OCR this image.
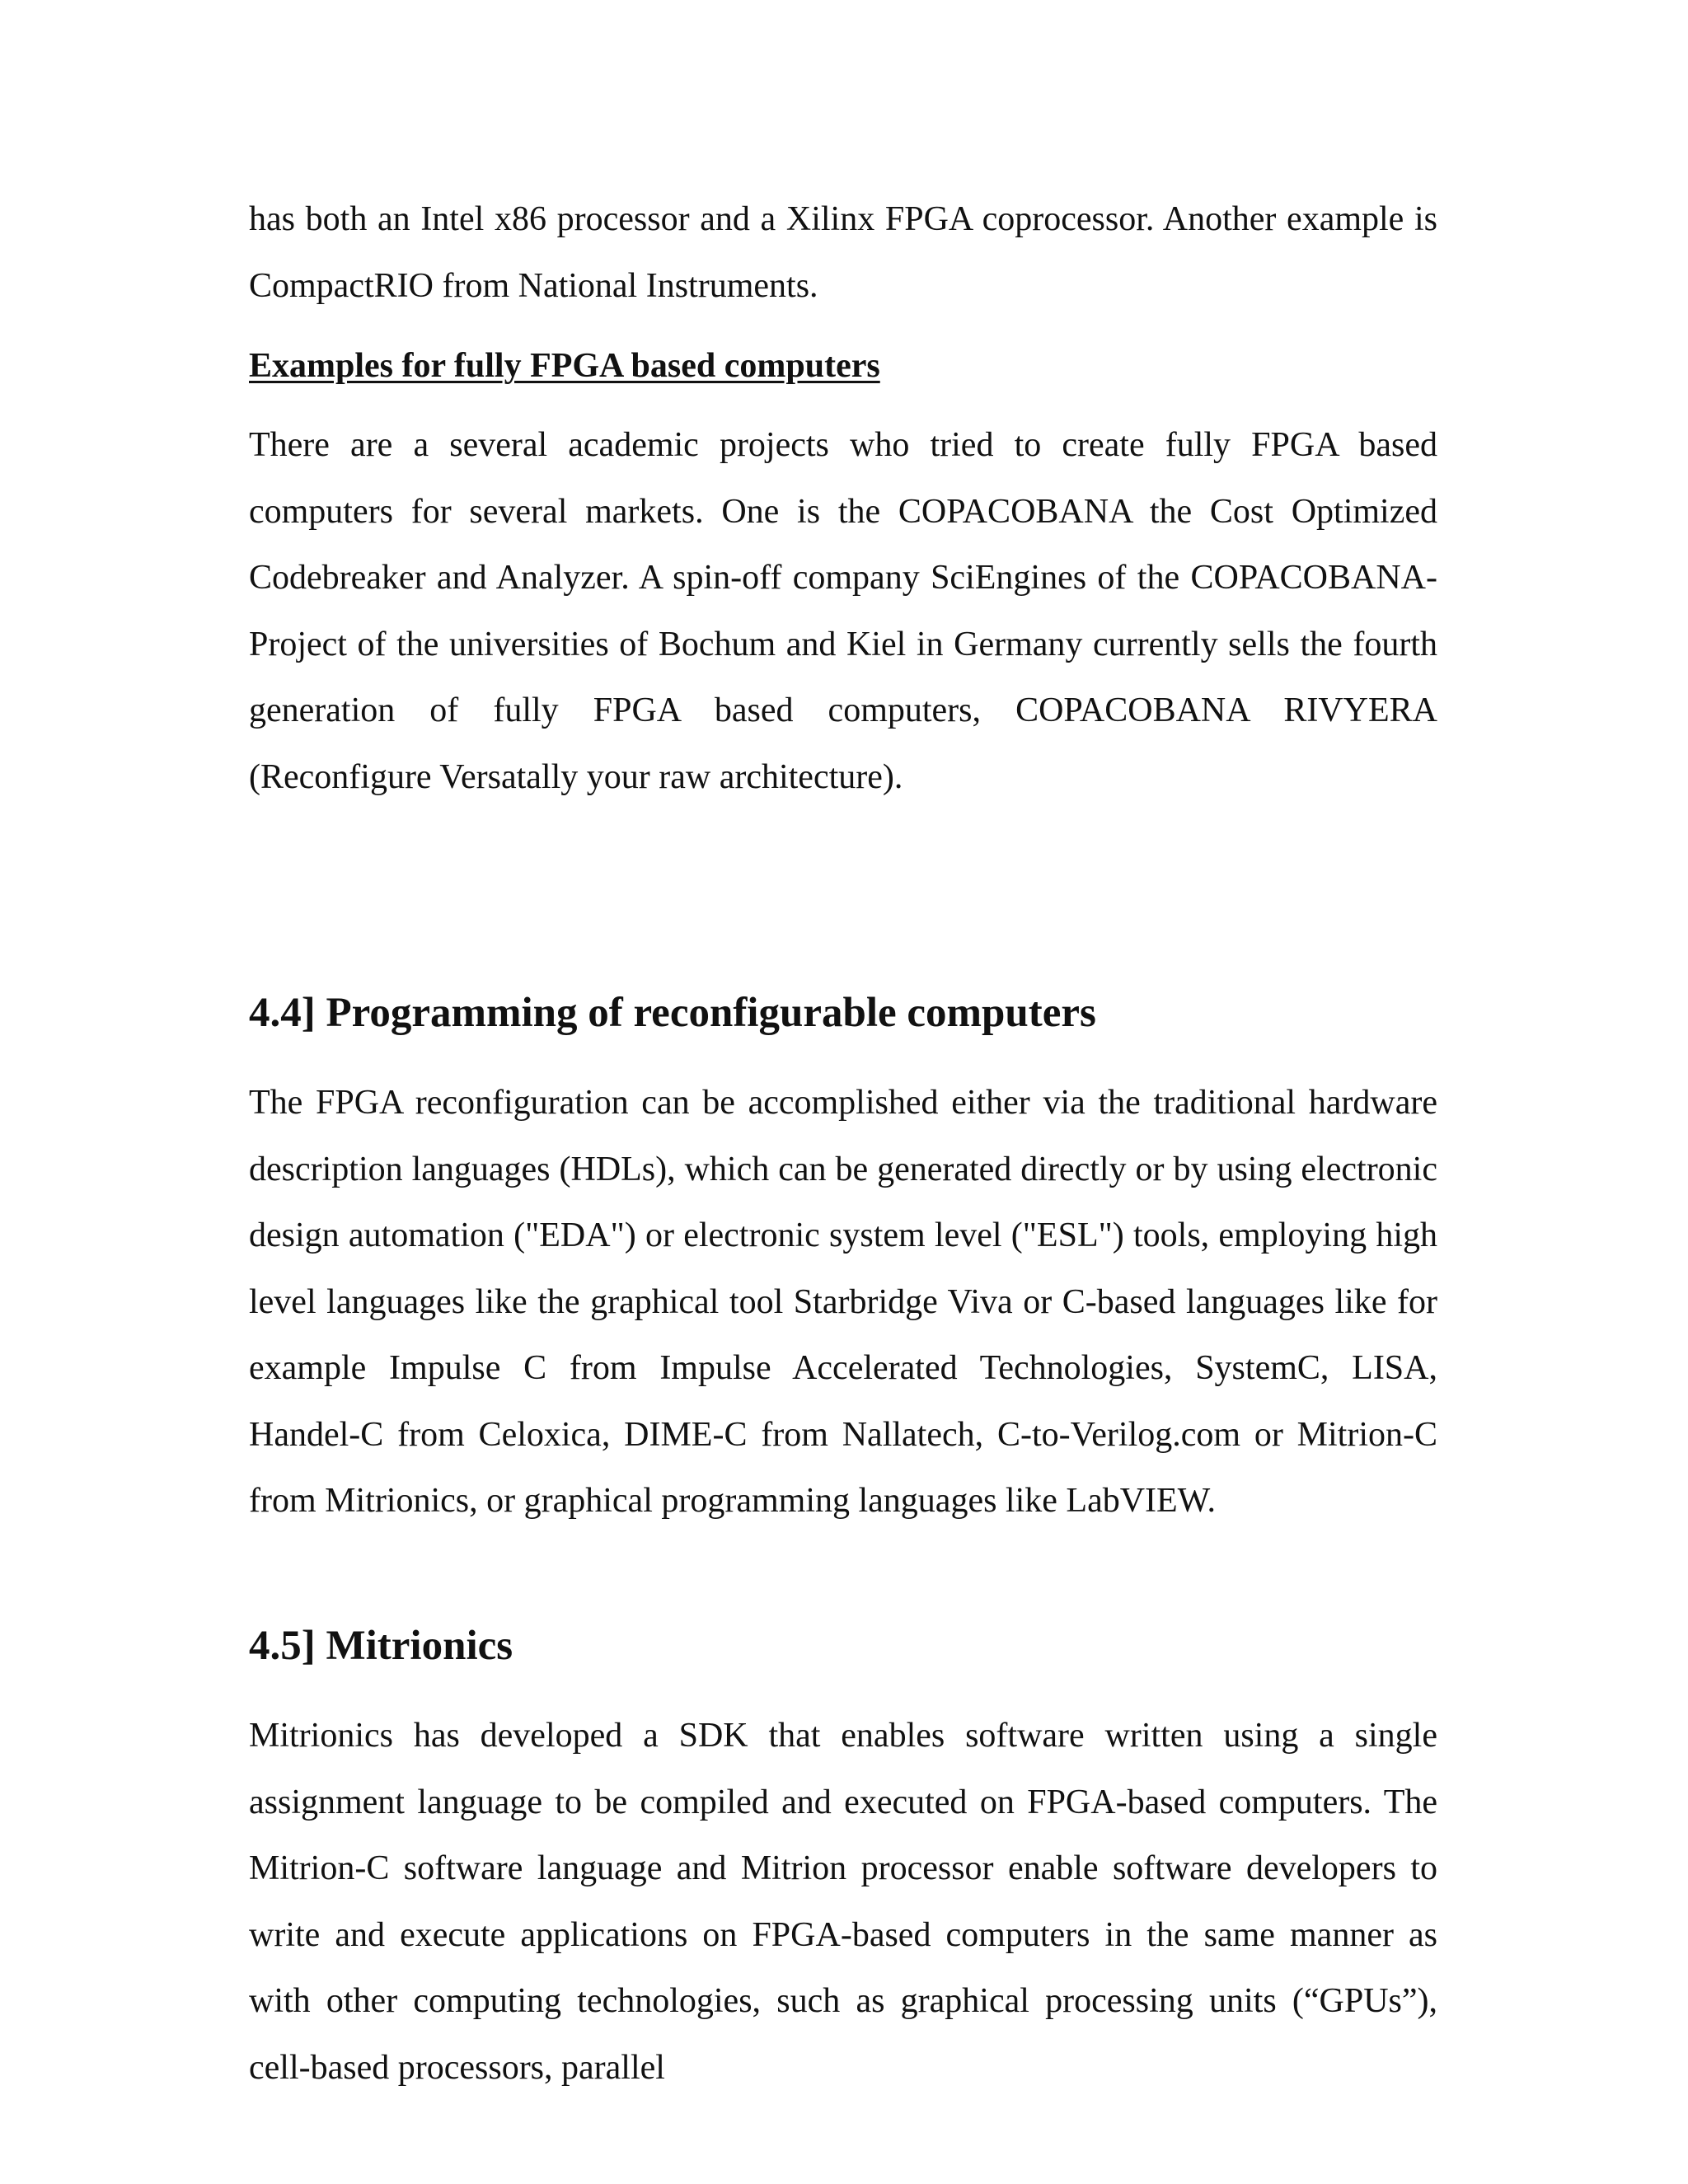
has both an Intel x86 processor and a Xilinx FPGA coprocessor. Another example is CompactRIO from National Instruments.

Examples for fully FPGA based computers

There are a several academic projects who tried to create fully FPGA based computers for several markets. One is the COPACOBANA the Cost Optimized Codebreaker and Analyzer. A spin-off company SciEngines of the COPACOBANA-Project of the universities of Bochum and Kiel in Germany currently sells the fourth generation of fully FPGA based computers, COPACOBANA RIVYERA (Reconfigure Versatally your raw architecture).

4.4] Programming of reconfigurable computers

The FPGA reconfiguration can be accomplished either via the traditional hardware description languages (HDLs), which can be generated directly or by using electronic design automation ("EDA") or electronic system level ("ESL") tools, employing high level languages like the graphical tool Starbridge Viva or C-based languages like for example Impulse C from Impulse Accelerated Technologies, SystemC, LISA, Handel-C from Celoxica, DIME-C from Nallatech, C-to-Verilog.com or Mitrion-C from Mitrionics, or graphical programming languages like LabVIEW.

4.5] Mitrionics

Mitrionics has developed a SDK that enables software written using a single assignment language to be compiled and executed on FPGA-based computers. The Mitrion-C software language and Mitrion processor enable software developers to write and execute applications on FPGA-based computers in the same manner as with other computing technologies, such as graphical processing units (“GPUs”), cell-based processors, parallel
